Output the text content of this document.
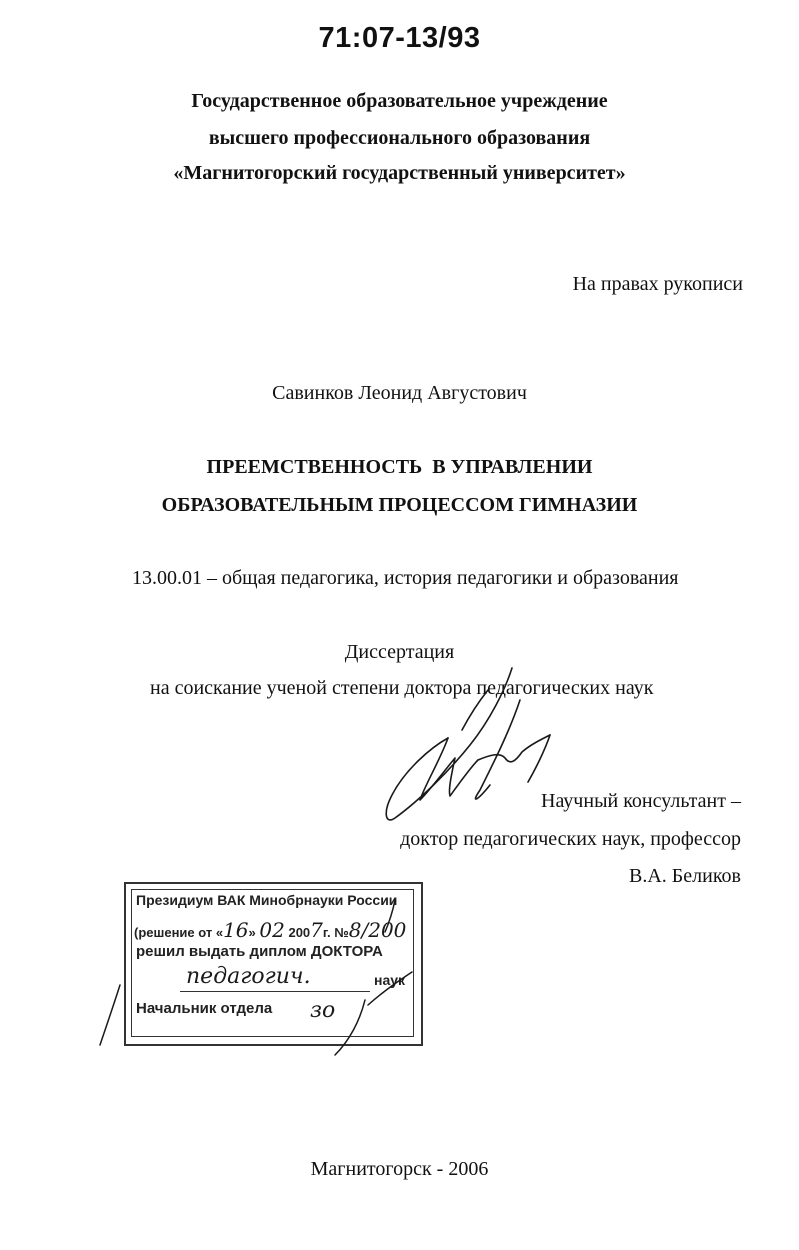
71:07-13/93
Государственное образовательное учреждение
высшего профессионального образования
«Магнитогорский государственный университет»
На правах рукописи
Савинков Леонид Августович
ПРЕЕМСТВЕННОСТЬ  В УПРАВЛЕНИИ
ОБРАЗОВАТЕЛЬНЫМ ПРОЦЕССОМ ГИМНАЗИИ
13.00.01 – общая педагогика, история педагогики и образования
Диссертация
на соискание ученой степени доктора педагогических наук
Научный консультант –
доктор педагогических наук, профессор
В.А. Беликов
Президиум ВАК Минобрнауки России
(решение от «16» 02 2007г. №8/200
решил выдать диплом ДОКТОРА
педагогич.	наук
Начальник отдела зо
Магнитогорск - 2006
